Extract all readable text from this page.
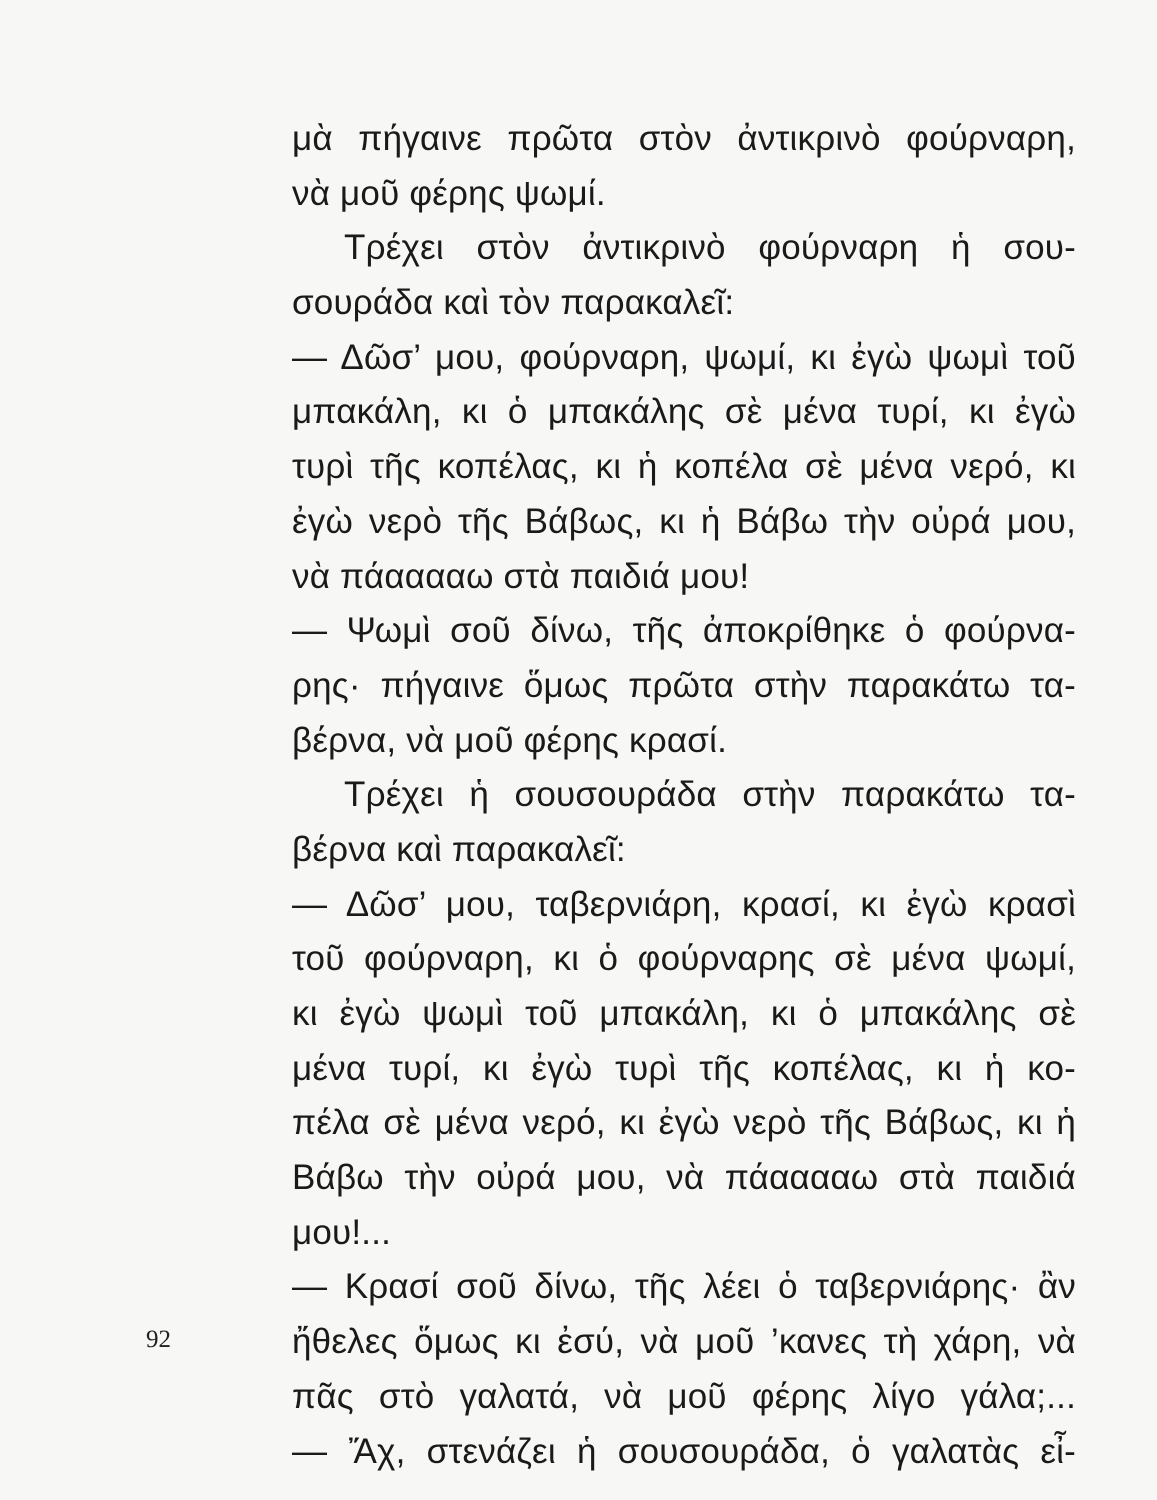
μὰ πήγαινε πρῶτα στὸν ἀντικρινὸ φούρναρη,
νὰ μοῦ φέρης ψωμί.
Τρέχει στὸν ἀντικρινὸ φούρναρη ἡ σου-
σουράδα καὶ τὸν παρακαλεῖ:
— Δῶσ’ μου, φούρναρη, ψωμί, κι ἐγὼ ψωμὶ τοῦ
μπακάλη, κι ὁ μπακάλης σὲ μένα τυρί, κι ἐγὼ
τυρὶ τῆς κοπέλας, κι ἡ κοπέλα σὲ μένα νερό, κι
ἐγὼ νερὸ τῆς Βάβως, κι ἡ Βάβω τὴν οὐρά μου,
νὰ πάααααω στὰ παιδιά μου!
— Ψωμὶ σοῦ δίνω, τῆς ἀποκρίθηκε ὁ φούρνα-
ρης· πήγαινε ὅμως πρῶτα στὴν παρακάτω τα-
βέρνα, νὰ μοῦ φέρης κρασί.
Τρέχει ἡ σουσουράδα στὴν παρακάτω τα-
βέρνα καὶ παρακαλεῖ:
— Δῶσ’ μου, ταβερνιάρη, κρασί, κι ἐγὼ κρασὶ
τοῦ φούρναρη, κι ὁ φούρναρης σὲ μένα ψωμί,
κι ἐγὼ ψωμὶ τοῦ μπακάλη, κι ὁ μπακάλης σὲ
μένα τυρί, κι ἐγὼ τυρὶ τῆς κοπέλας, κι ἡ κο-
πέλα σὲ μένα νερό, κι ἐγὼ νερὸ τῆς Βάβως, κι ἡ
Βάβω τὴν οὐρά μου, νὰ πάααααω στὰ παιδιά
μου!...
— Κρασί σοῦ δίνω, τῆς λέει ὁ ταβερνιάρης· ἂν
ἤθελες ὅμως κι ἐσύ, νὰ μοῦ ’κανες τὴ χάρη, νὰ
πᾶς στὸ γαλατά, νὰ μοῦ φέρης λίγο γάλα;...
— Ἄχ, στενάζει ἡ σουσουράδα, ὁ γαλατὰς εἶ-
92
